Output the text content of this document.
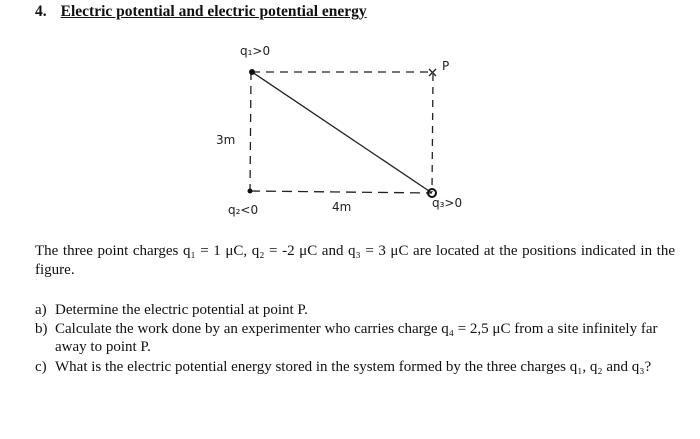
4. Electric potential and electric potential energy
q₁>0
P
3m
q₂<0	4m	q₃>0
The three point charges q₁ = 1 μC, q₂ = -2 μC and q₃ = 3 μC are located at the positions indicated in the figure.
a) Determine the electric potential at point P.
b) Calculate the work done by an experimenter who carries charge q₄ = 2,5 μC from a site infinitely far away to point P.
c) What is the electric potential energy stored in the system formed by the three charges q₁, q₂ and q₃?
